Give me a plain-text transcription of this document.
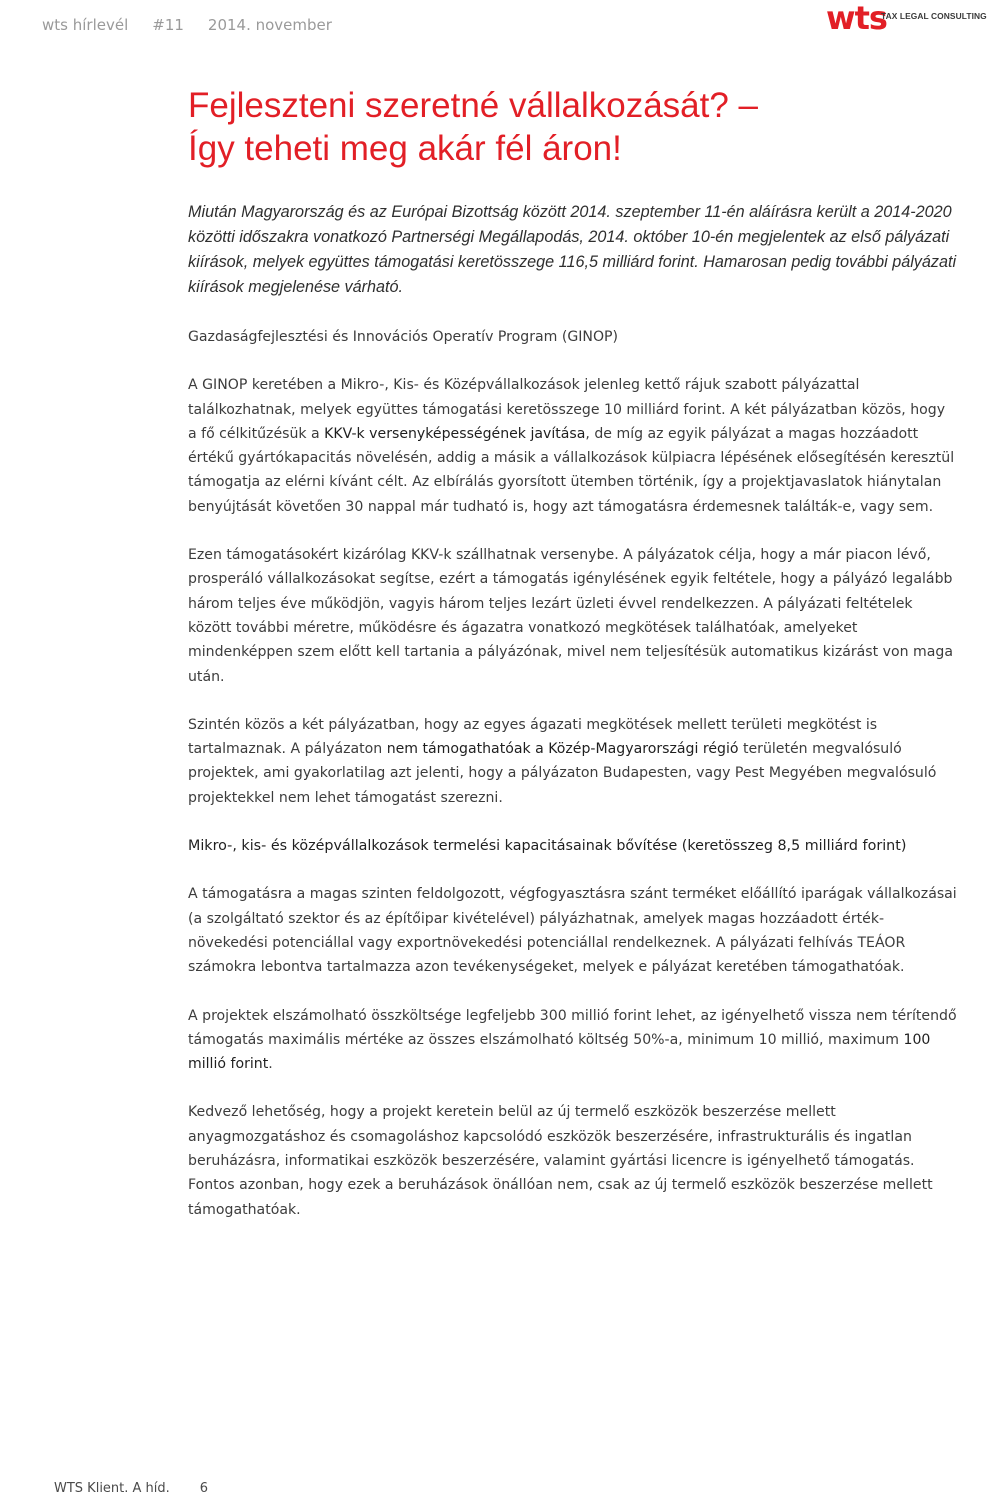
wts hírlevél #11 2014. november	wts
TAX LEGAL CONSULTING
Fejleszteni szeretné vállalkozását? –
Így teheti meg akár fél áron!
Miután Magyarország és az Európai Bizottság között 2014. szeptember 11-én aláírásra került a 2014-2020 közötti időszakra vonatkozó Partnerségi Megállapodás, 2014. október 10-én megjelentek az első pályázati kiírások, melyek együttes támogatási keretösszege 116,5 milliárd forint. Hamarosan pedig további pályázati kiírások megjelenése várható.

Gazdaságfejlesztési és Innovációs Operatív Program (GINOP)

A GINOP keretében a Mikro-, Kis- és Középvállalkozások jelenleg kettő rájuk szabott pályázattal találkozhatnak, melyek együttes támogatási keretösszege 10 milliárd forint. A két pályázatban közös, hogy a fő célkitűzésük a KKV-k versenyképességének javítása, de míg az egyik pályázat a magas hozzáadott értékű gyártókapacitás növelésén, addig a másik a vállalkozások külpiacra lépésének elősegítésén keresztül támogatja az elérni kívánt célt. Az elbírálás gyorsított ütemben történik, így a projektjavaslatok hiánytalan benyújtását követően 30 nappal már tudható is, hogy azt támogatásra érdemesnek találták-e, vagy sem.

Ezen támogatásokért kizárólag KKV-k szállhatnak versenybe. A pályázatok célja, hogy a már piacon lévő, prosperáló vállalkozásokat segítse, ezért a támogatás igénylésének egyik feltétele, hogy a pályázó legalább három teljes éve működjön, vagyis három teljes lezárt üzleti évvel rendelkezzen. A pályázati feltételek között további méretre, működésre és ágazatra vonatkozó megkötések találhatóak, amelyeket mindenképpen szem előtt kell tartania a pályázónak, mivel nem teljesítésük automatikus kizárást von maga után.

Szintén közös a két pályázatban, hogy az egyes ágazati megkötések mellett területi megkötést is tartalmaznak. A pályázaton nem támogathatóak a Közép-Magyarországi régió területén megvalósuló projektek, ami gyakorlatilag azt jelenti, hogy a pályázaton Budapesten, vagy Pest Megyében megvalósuló projektekkel nem lehet támogatást szerezni.

Mikro-, kis- és középvállalkozások termelési kapacitásainak bővítése (keretösszeg 8,5 milliárd forint)

A támogatásra a magas szinten feldolgozott, végfogyasztásra szánt terméket előállító iparágak vállalkozásai (a szolgáltató szektor és az építőipar kivételével) pályázhatnak, amelyek magas hozzáadott érték-növekedési potenciállal vagy exportnövekedési potenciállal rendelkeznek. A pályázati felhívás TEÁOR számokra lebontva tartalmazza azon tevékenységeket, melyek e pályázat keretében támogathatóak.

A projektek elszámolható összköltsége legfeljebb 300 millió forint lehet, az igényelhető vissza nem térítendő támogatás maximális mértéke az összes elszámolható költség 50%-a, minimum 10 millió, maximum 100 millió forint.

Kedvező lehetőség, hogy a projekt keretein belül az új termelő eszközök beszerzése mellett anyagmozgatáshoz és csomagoláshoz kapcsolódó eszközök beszerzésére, infrastrukturális és ingatlan beruházásra, informatikai eszközök beszerzésére, valamint gyártási licencre is igényelhető támogatás. Fontos azonban, hogy ezek a beruházások önállóan nem, csak az új termelő eszközök beszerzése mellett támogathatóak.

WTS Klient. A híd. 6
